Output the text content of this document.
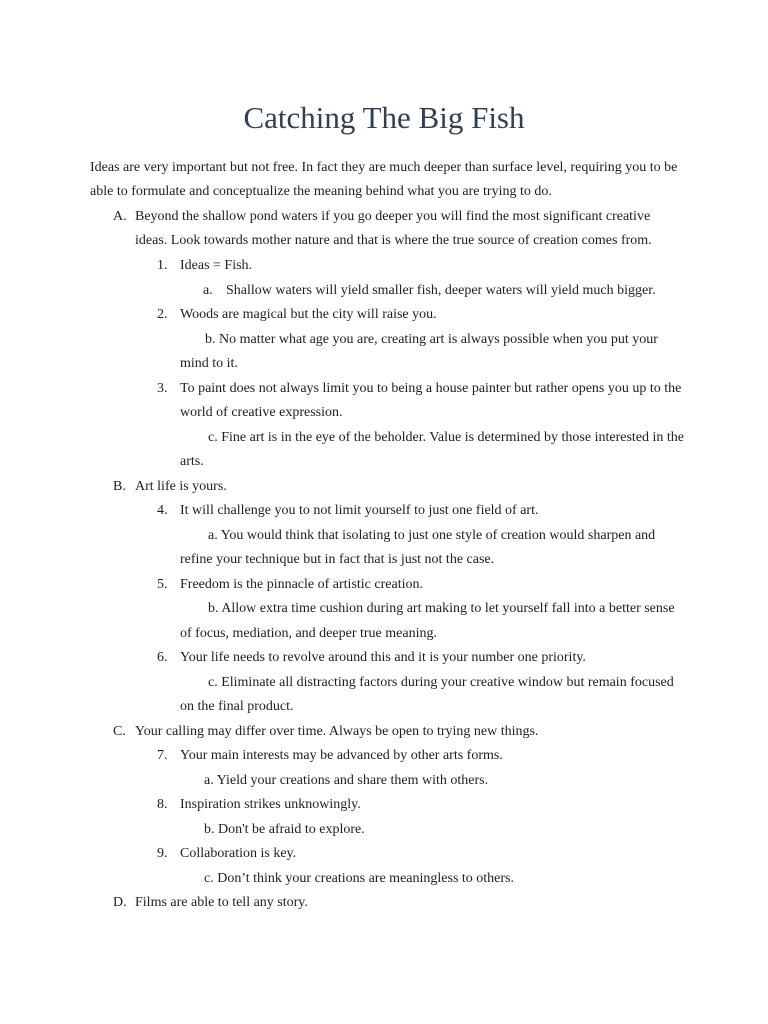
Catching The Big Fish
Ideas are very important but not free. In fact they are much deeper than surface level, requiring you to be
able to formulate and conceptualize the meaning behind what you are trying to do.
A. Beyond the shallow pond waters if you go deeper you will find the most significant creative
ideas. Look towards mother nature and that is where the true source of creation comes from.
1. Ideas = Fish.
a. Shallow waters will yield smaller fish, deeper waters will yield much bigger.
2. Woods are magical but the city will raise you.
b. No matter what age you are, creating art is always possible when you put your
mind to it.
3. To paint does not always limit you to being a house painter but rather opens you up to the
world of creative expression.
c. Fine art is in the eye of the beholder. Value is determined by those interested in the
arts.
B. Art life is yours.
4. It will challenge you to not limit yourself to just one field of art.
a. You would think that isolating to just one style of creation would sharpen and
refine your technique but in fact that is just not the case.
5. Freedom is the pinnacle of artistic creation.
b. Allow extra time cushion during art making to let yourself fall into a better sense
of focus, mediation, and deeper true meaning.
6. Your life needs to revolve around this and it is your number one priority.
c. Eliminate all distracting factors during your creative window but remain focused
on the final product.
C. Your calling may differ over time. Always be open to trying new things.
7. Your main interests may be advanced by other arts forms.
a. Yield your creations and share them with others.
8. Inspiration strikes unknowingly.
b. Don't be afraid to explore.
9. Collaboration is key.
c. Don’t think your creations are meaningless to others.
D. Films are able to tell any story.
